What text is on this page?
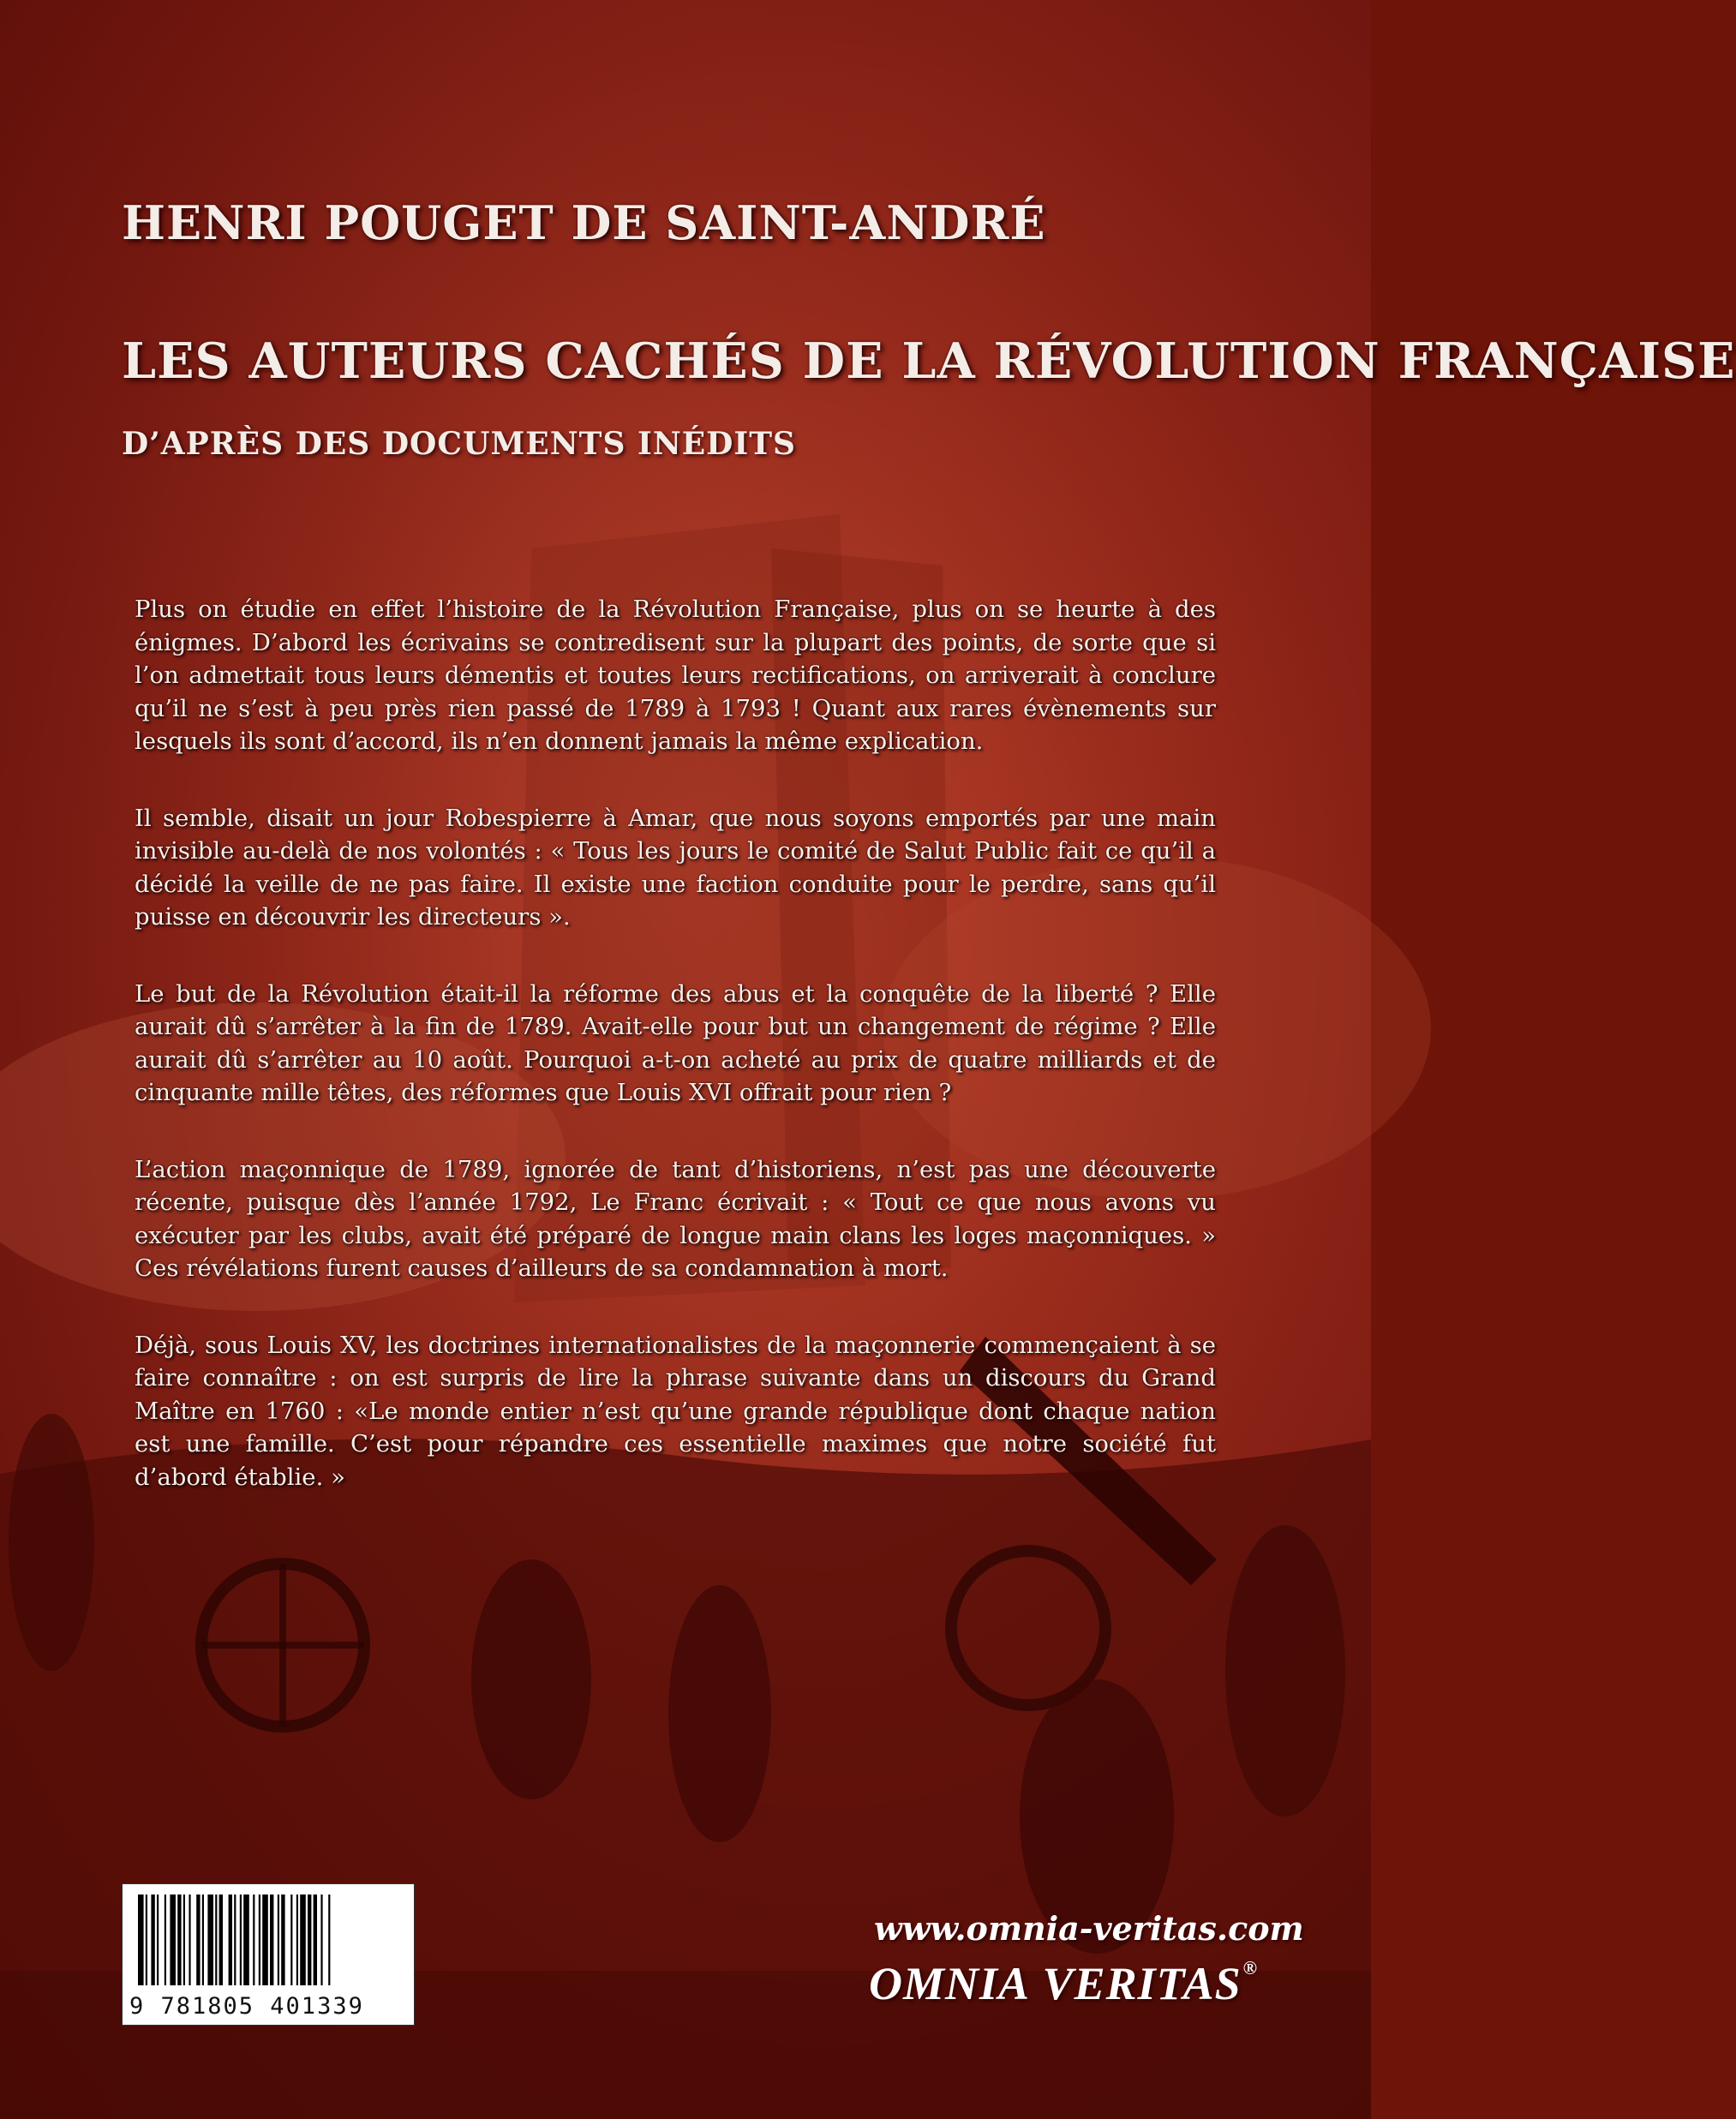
HENRI POUGET DE SAINT-ANDRÉ
LES AUTEURS CACHÉS DE LA RÉVOLUTION FRANÇAISE
D’APRÈS DES DOCUMENTS INÉDITS

Plus on étudie en effet l’histoire de la Révolution Française, plus on se heurte à des énigmes. D’abord les écrivains se contredisent sur la plupart des points, de sorte que si l’on admettait tous leurs démentis et toutes leurs rectifications, on arriverait à conclure qu’il ne s’est à peu près rien passé de 1789 à 1793 ! Quant aux rares évènements sur lesquels ils sont d’accord, ils n’en donnent jamais la même explication.

Il semble, disait un jour Robespierre à Amar, que nous soyons emportés par une main invisible au-delà de nos volontés : « Tous les jours le comité de Salut Public fait ce qu’il a décidé la veille de ne pas faire. Il existe une faction conduite pour le perdre, sans qu’il puisse en découvrir les directeurs ».

Le but de la Révolution était-il la réforme des abus et la conquête de la liberté ? Elle aurait dû s’arrêter à la fin de 1789. Avait-elle pour but un changement de régime ? Elle aurait dû s’arrêter au 10 août. Pourquoi a-t-on acheté au prix de quatre milliards et de cinquante mille têtes, des réformes que Louis XVI offrait pour rien ?

L’action maçonnique de 1789, ignorée de tant d’historiens, n’est pas une découverte récente, puisque dès l’année 1792, Le Franc écrivait : « Tout ce que nous avons vu exécuter par les clubs, avait été préparé de longue main clans les loges maçonniques. » Ces révélations furent causes d’ailleurs de sa condamnation à mort.

Déjà, sous Louis XV, les doctrines internationalistes de la maçonnerie commençaient à se faire connaître : on est surpris de lire la phrase suivante dans un discours du Grand Maître en 1760 : «Le monde entier n’est qu’une grande république dont chaque nation est une famille. C’est pour répandre ces essentielle maximes que notre société fut d’abord établie. »

9 781805 401339
www.omnia-veritas.com
OMNIA VERITAS®
